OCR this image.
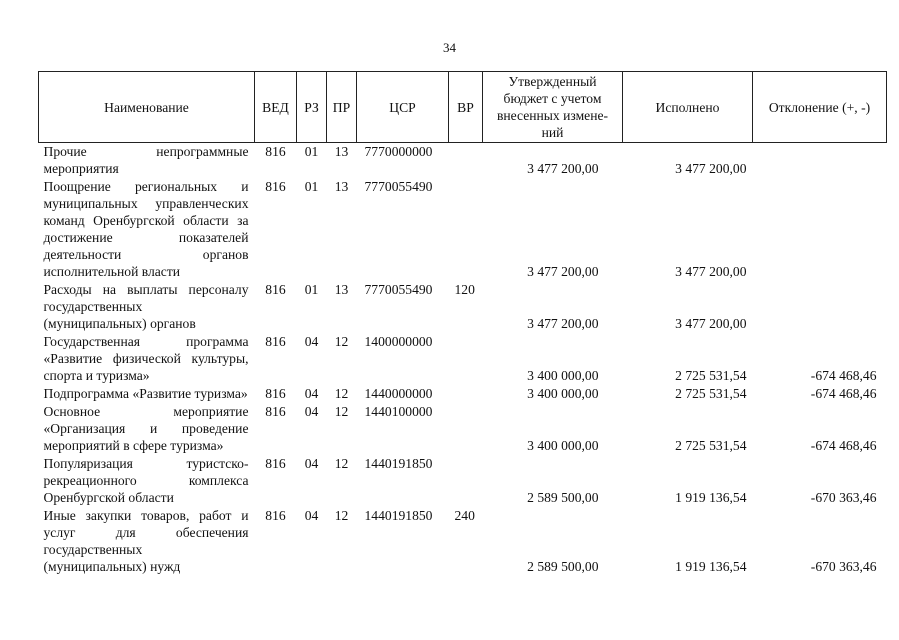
34
Наименование	ВЕД	РЗ	ПР	ЦСР	ВР	Утвержденный бюджет с учетом внесенных измене-ний	Исполнено	Отклонение (+, -)
Прочие непрограммные мероприятия	816	01	13	7770000000		3 477 200,00	3 477 200,00	
Поощрение региональных и муниципальных управленческих команд Оренбургской области за достижение показателей деятельности органов исполнительной власти	816	01	13	7770055490		3 477 200,00	3 477 200,00	
Расходы на выплаты персоналу государственных (муниципальных) органов	816	01	13	7770055490	120	3 477 200,00	3 477 200,00	
Государственная программа «Развитие физической культуры, спорта и туризма»	816	04	12	1400000000		3 400 000,00	2 725 531,54	-674 468,46
Подпрограмма «Развитие туризма»	816	04	12	1440000000		3 400 000,00	2 725 531,54	-674 468,46
Основное мероприятие «Организация и проведение мероприятий в сфере туризма»	816	04	12	1440100000		3 400 000,00	2 725 531,54	-674 468,46
Популяризация туристско-рекреационного комплекса Оренбургской области	816	04	12	1440191850		2 589 500,00	1 919 136,54	-670 363,46
Иные закупки товаров, работ и услуг для обеспечения государственных (муниципальных) нужд	816	04	12	1440191850	240	2 589 500,00	1 919 136,54	-670 363,46
